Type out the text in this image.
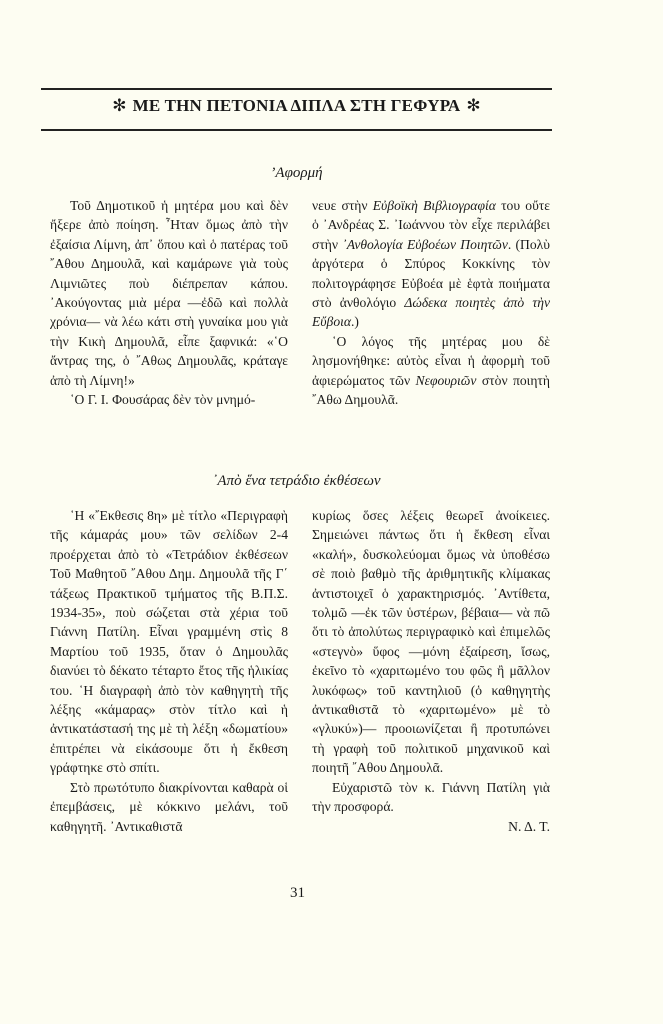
✻ ΜΕ ΤΗΝ ΠΕΤΟΝΙΑ ΔΙΠΛΑ ΣΤΗ ΓΕΦΥΡΑ ✻
’Αφορμή

Τοῦ Δημοτικοῦ ἡ μητέρα μου καὶ δὲν ἤξερε ἀπὸ ποίηση. ῏Ηταν ὅμως ἀπὸ τὴν ἐξαίσια Λίμνη, ἀπ᾽ ὅπου καὶ ὁ πατέρας τοῦ ῎Αθου Δημουλᾶ, καὶ καμάρωνε γιὰ τοὺς Λιμνιῶτες ποὺ διέπρεπαν κάπου. ᾿Ακούγοντας μιὰ μέρα —ἐδῶ καὶ πολλὰ χρόνια— νὰ λέω κάτι στὴ γυναίκα μου γιὰ τὴν Κικὴ Δημουλᾶ, εἶπε ξαφνικά: «῾Ο ἄντρας της, ὁ ῎Αθως Δημουλᾶς, κράταγε ἀπὸ τὴ Λίμνη!»

῾Ο Γ. Ι. Φουσάρας δὲν τὸν μνημό-

νευε στὴν Εὐβοϊκὴ Βιβλιογραφία του οὔτε ὁ ᾿Ανδρέας Σ. ᾿Ιωάννου τὸν εἶχε περιλάβει στὴν ᾿Ανθολογία Εὐβοέων Ποιητῶν. (Πολὺ ἀργότερα ὁ Σπύρος Κοκκίνης τὸν πολιτογράφησε Εὐβοέα μὲ ἑφτὰ ποιήματα στὸ ἀνθολόγιο Δώδεκα ποιητὲς ἀπὸ τὴν Εὔβοια.)

῾Ο λόγος τῆς μητέρας μου δὲ λησμονήθηκε: αὐτὸς εἶναι ἡ ἀφορμὴ τοῦ ἀφιερώματος τῶν Νεφουριῶν στὸν ποιητὴ ῎Αθω Δημουλᾶ.

᾿Απὸ ἕνα τετράδιο ἐκθέσεων

῾Η «῎Εκθεσις 8η» μὲ τίτλο «Περιγραφὴ τῆς κάμαράς μου» τῶν σελίδων 2-4 προέρχεται ἀπὸ τὸ «Τετράδιον ἐκθέσεων Τοῦ Μαθητοῦ ῎Αθου Δημ. Δημουλᾶ τῆς Γ΄ τάξεως Πρακτικοῦ τμήματος τῆς Β.Π.Σ. 1934-35», ποὺ σώζεται στὰ χέρια τοῦ Γιάννη Πατίλη. Εἶναι γραμμένη στὶς 8 Μαρτίου τοῦ 1935, ὅταν ὁ Δημουλᾶς διανύει τὸ δέκατο τέταρτο ἔτος τῆς ἡλικίας του. ῾Η διαγραφὴ ἀπὸ τὸν καθηγητὴ τῆς λέξης «κάμαρας» στὸν τίτλο καὶ ἡ ἀντικατάστασή της μὲ τὴ λέξη «δωματίου» ἐπιτρέπει νὰ εἰκάσουμε ὅτι ἡ ἔκθεση γράφτηκε στὸ σπίτι.

Στὸ πρωτότυπο διακρίνονται καθαρὰ οἱ ἐπεμβάσεις, μὲ κόκκινο μελάνι, τοῦ καθηγητῆ. ᾿Αντικαθιστᾶ

κυρίως ὅσες λέξεις θεωρεῖ ἀνοίκειες. Σημειώνει πάντως ὅτι ἡ ἔκθεση εἶναι «καλή», δυσκολεύομαι ὅμως νὰ ὑποθέσω σὲ ποιὸ βαθμὸ τῆς ἀριθμητικῆς κλίμακας ἀντιστοιχεῖ ὁ χαρακτηρισμός. ᾿Αντίθετα, τολμῶ —ἐκ τῶν ὑστέρων, βέβαια— νὰ πῶ ὅτι τὸ ἀπολύτως περιγραφικὸ καὶ ἐπιμελῶς «στεγνὸ» ὕφος —μόνη ἐξαίρεση, ἴσως, ἐκεῖνο τὸ «χαριτωμένο του φῶς ἢ μᾶλλον λυκόφως» τοῦ καντηλιοῦ (ὁ καθηγητὴς ἀντικαθιστᾶ τὸ «χαριτωμένο» μὲ τὸ «γλυκύ»)— προοιωνίζεται ἢ προτυπώνει τὴ γραφὴ τοῦ πολιτικοῦ μηχανικοῦ καὶ ποιητῆ ῎Αθου Δημουλᾶ.

Εὐχαριστῶ τὸν κ. Γιάννη Πατίλη γιὰ τὴν προσφορά.

Ν. Δ. Τ.

31
